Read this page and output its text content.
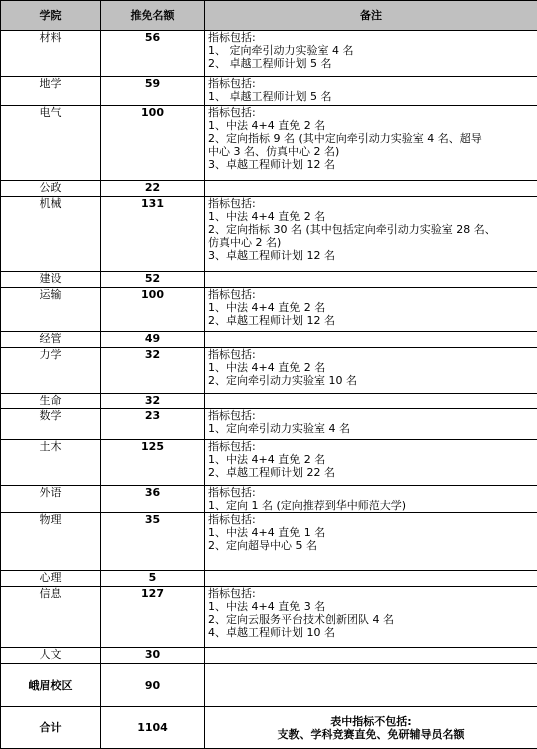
学院	推免名额	备注
材料	56	指标包括:
1、 定向牵引动力实验室 4 名
2、 卓越工程师计划 5 名

地学	59	指标包括:
1、 卓越工程师计划 5 名

电气	100	指标包括:
1、中法 4+4 直免 2 名
2、定向指标 9 名 (其中定向牵引动力实验室 4 名、超导
中心 3 名、仿真中心 2 名)
3、卓越工程师计划 12 名

公政	22	
机械	131	指标包括:
1、中法 4+4 直免 2 名
2、定向指标 30 名 (其中包括定向牵引动力实验室 28 名、
仿真中心 2 名)
3、卓越工程师计划 12 名

建设	52	
运输	100	指标包括:
1、中法 4+4 直免 2 名
2、卓越工程师计划 12 名

经管	49	
力学	32	指标包括:
1、中法 4+4 直免 2 名
2、定向牵引动力实验室 10 名

生命	32	
数学	23	指标包括:
1、定向牵引动力实验室 4 名

土木	125	指标包括:
1、中法 4+4 直免 2 名
2、卓越工程师计划 22 名

外语	36	指标包括:
1、定向 1 名 (定向推荐到华中师范大学)

物理	35	指标包括:
1、中法 4+4 直免 1 名
2、定向超导中心 5 名

心理	5	
信息	127	指标包括:
1、中法 4+4 直免 3 名
2、定向云服务平台技术创新团队 4 名
4、卓越工程师计划 10 名

人文	30	
峨眉校区	90	
合计	1104	表中指标不包括:
支教、学科竞赛直免、免研辅导员名额
